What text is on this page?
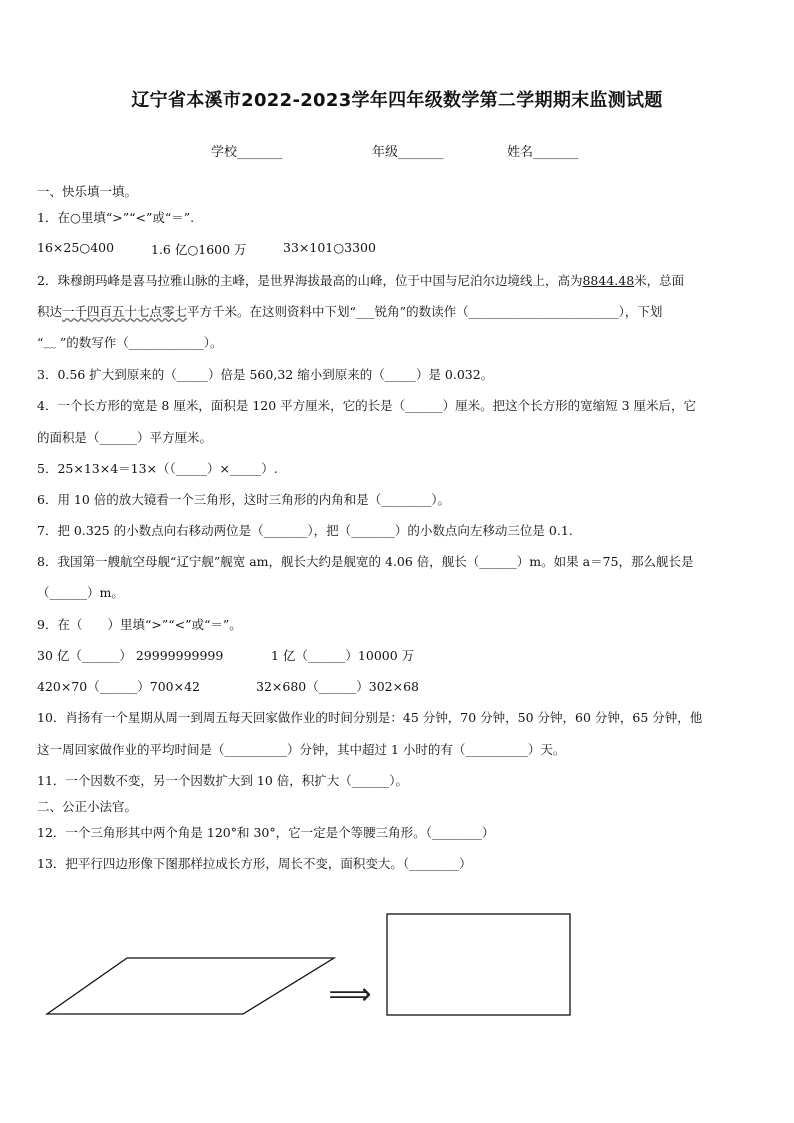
辽宁省本溪市2022-2023学年四年级数学第二学期期末监测试题
学校_______	年级_______	姓名_______
一、快乐填一填。
1．在○里填“>”“<”或“＝”.
16×25○400	1.6 亿○1600 万	33×101○3300
2．珠穆朗玛峰是喜马拉雅山脉的主峰，是世界海拔最高的山峰，位于中国与尼泊尔边境线上，高为8844.48米，总面
积达一千四百五十七点零七平方千米。在这则资料中下划“___锐角”的数读作（________________________），下划
“﹏ ”的数写作（____________）。
3．0.56 扩大到原来的（_____）倍是 560,32 缩小到原来的（_____）是 0.032。
4．一个长方形的宽是 8 厘米，面积是 120 平方厘米，它的长是（______）厘米。把这个长方形的宽缩短 3 厘米后，它
的面积是（______）平方厘米。
5．25×13×4＝13×（（_____）×_____）.
6．用 10 倍的放大镜看一个三角形，这时三角形的内角和是（________）。
7．把 0.325 的小数点向右移动两位是（_______），把（_______）的小数点向左移动三位是 0.1.
8．我国第一艘航空母舰“辽宁舰”舰宽 am，舰长大约是舰宽的 4.06 倍，舰长（______）m。如果 a＝75，那么舰长是
（______）m。
9．在（　　）里填“>”“<”或“＝”。
30 亿（______） 29999999999	1 亿（______）10000 万
420×70（______）700×42	32×680（______）302×68
10．肖扬有一个星期从周一到周五每天回家做作业的时间分别是：45 分钟，70 分钟，50 分钟，60 分钟，65 分钟，他
这一周回家做作业的平均时间是（__________）分钟，其中超过 1 小时的有（__________）天。
11．一个因数不变，另一个因数扩大到 10 倍，积扩大（______）。
二、公正小法官。
12．一个三角形其中两个角是 120°和 30°，它一定是个等腰三角形。（________）
13．把平行四边形像下图那样拉成长方形，周长不变，面积变大。（________）
⟹
